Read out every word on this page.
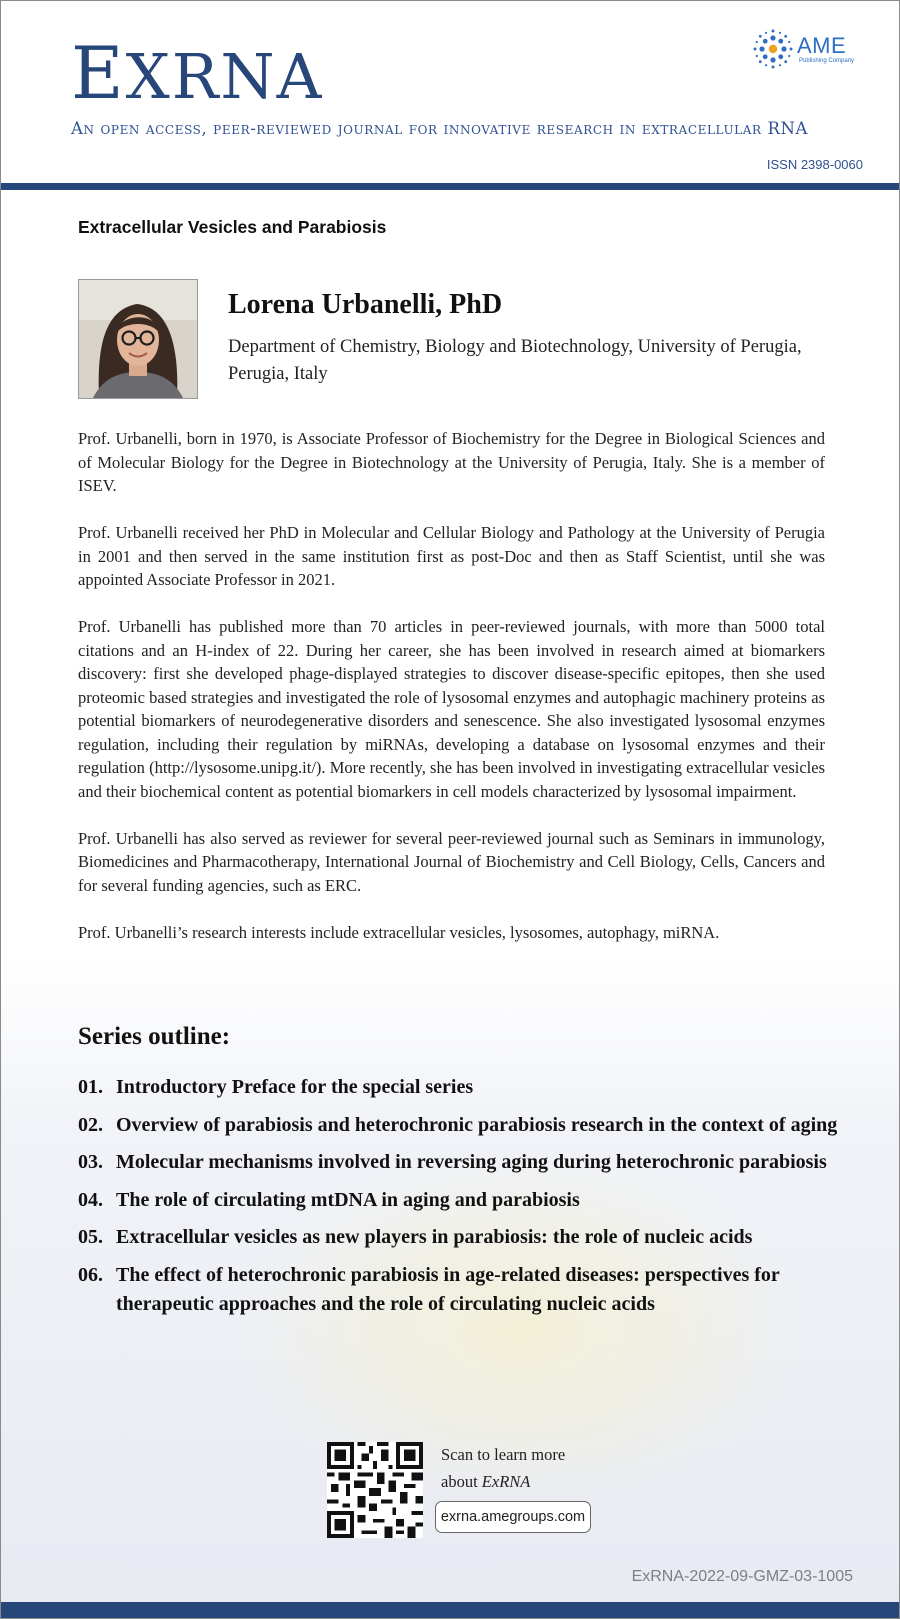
EXRNA
An open access, peer-reviewed journal for innovative research in extracellular RNA
ISSN 2398-0060
AME
Publishing Company
Extracellular Vesicles and Parabiosis
Lorena Urbanelli, PhD
Department of Chemistry, Biology and Biotechnology, University of Perugia, Perugia, Italy

Prof. Urbanelli, born in 1970, is Associate Professor of Biochemistry for the Degree in Biological Sciences and of Molecular Biology for the Degree in Biotechnology at the University of Perugia, Italy. She is a member of ISEV.

Prof. Urbanelli received her PhD in Molecular and Cellular Biology and Pathology at the University of Perugia in 2001 and then served in the same institution first as post-Doc and then as Staff Scientist, until she was appointed Associate Professor in 2021.

Prof. Urbanelli has published more than 70 articles in peer-reviewed journals, with more than 5000 total citations and an H-index of 22. During her career, she has been involved in research aimed at biomarkers discovery: first she developed phage-displayed strategies to discover disease-specific epitopes, then she used proteomic based strategies and investigated the role of lysosomal enzymes and autophagic machinery proteins as potential biomarkers of neurodegenerative disorders and senescence. She also investigated lysosomal enzymes regulation, including their regulation by miRNAs, developing a database on lysosomal enzymes and their regulation (http://lysosome.unipg.it/). More recently, she has been involved in investigating extracellular vesicles and their biochemical content as potential biomarkers in cell models characterized by lysosomal impairment.

Prof. Urbanelli has also served as reviewer for several peer-reviewed journal such as Seminars in immunology, Biomedicines and Pharmacotherapy, International Journal of Biochemistry and Cell Biology, Cells, Cancers and for several funding agencies, such as ERC.

Prof. Urbanelli’s research interests include extracellular vesicles, lysosomes, autophagy, miRNA.

Series outline:
01. Introductory Preface for the special series
02. Overview of parabiosis and heterochronic parabiosis research in the context of aging
03. Molecular mechanisms involved in reversing aging during heterochronic parabiosis
04. The role of circulating mtDNA in aging and parabiosis
05. Extracellular vesicles as new players in parabiosis: the role of nucleic acids
06. The effect of heterochronic parabiosis in age-related diseases: perspectives for therapeutic approaches and the role of circulating nucleic acids
Scan to learn more
about ExRNA
exrna.amegroups.com
ExRNA-2022-09-GMZ-03-1005
